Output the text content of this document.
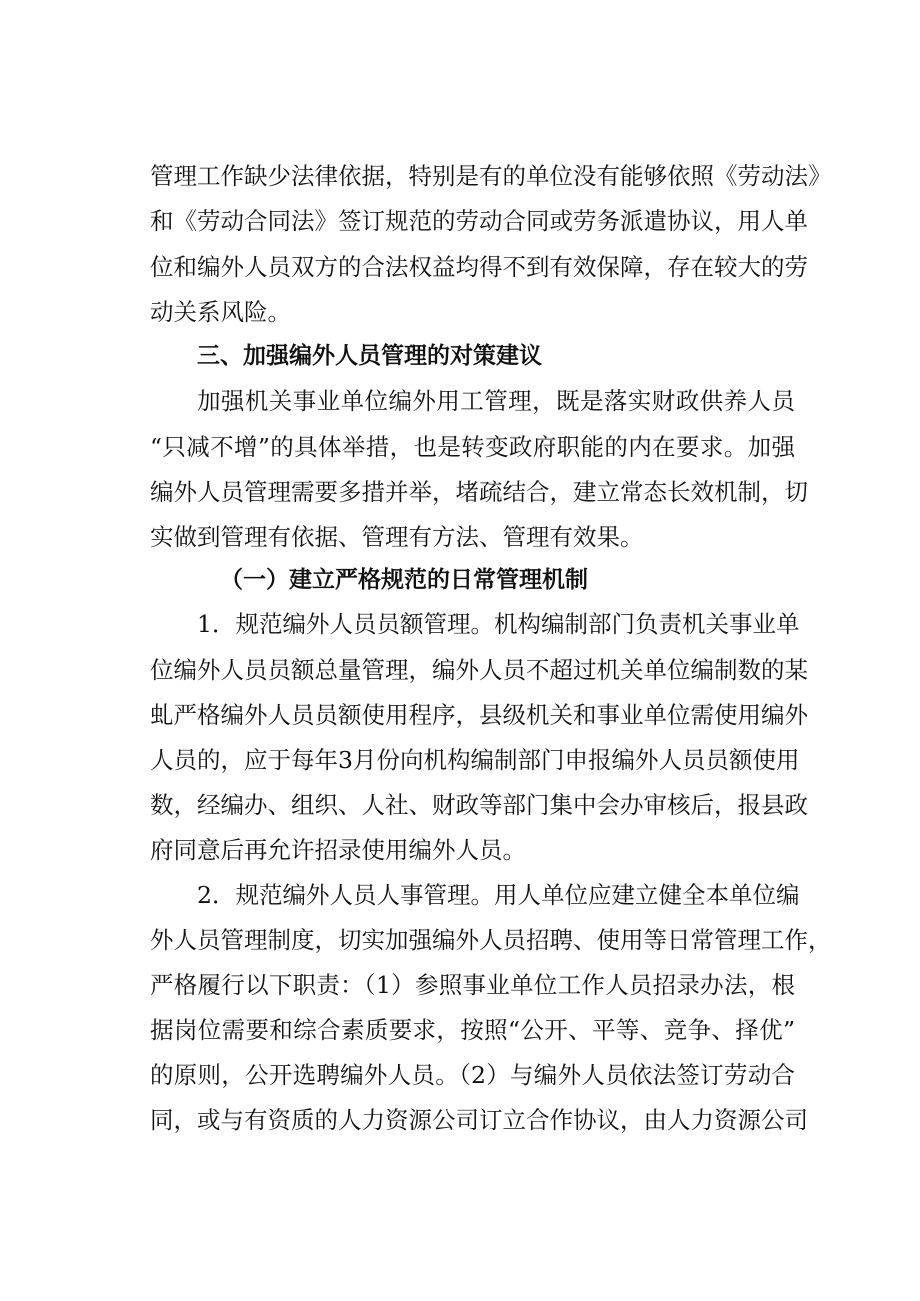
管理工作缺少法律依据，特别是有的单位没有能够依照《劳动法》
和《劳动合同法》签订规范的劳动合同或劳务派遣协议，用人单
位和编外人员双方的合法权益均得不到有效保障，存在较大的劳
动关系风险。
三、加强编外人员管理的对策建议
加强机关事业单位编外用工管理，既是落实财政供养人员
“只减不增”的具体举措，也是转变政府职能的内在要求。加强
编外人员管理需要多措并举，堵疏结合，建立常态长效机制，切
实做到管理有依据、管理有方法、管理有效果。
（一）建立严格规范的日常管理机制
1．规范编外人员员额管理。机构编制部门负责机关事业单
位编外人员员额总量管理，编外人员不超过机关单位编制数的某
虬严格编外人员员额使用程序，县级机关和事业单位需使用编外
人员的，应于每年3月份向机构编制部门申报编外人员员额使用
数，经编办、组织、人社、财政等部门集中会办审核后，报县政
府同意后再允许招录使用编外人员。
2．规范编外人员人事管理。用人单位应建立健全本单位编
外人员管理制度，切实加强编外人员招聘、使用等日常管理工作，
严格履行以下职责：（1）参照事业单位工作人员招录办法，根
据岗位需要和综合素质要求，按照“公开、平等、竞争、择优”
的原则，公开选聘编外人员。（2）与编外人员依法签订劳动合
同，或与有资质的人力资源公司订立合作协议，由人力资源公司
